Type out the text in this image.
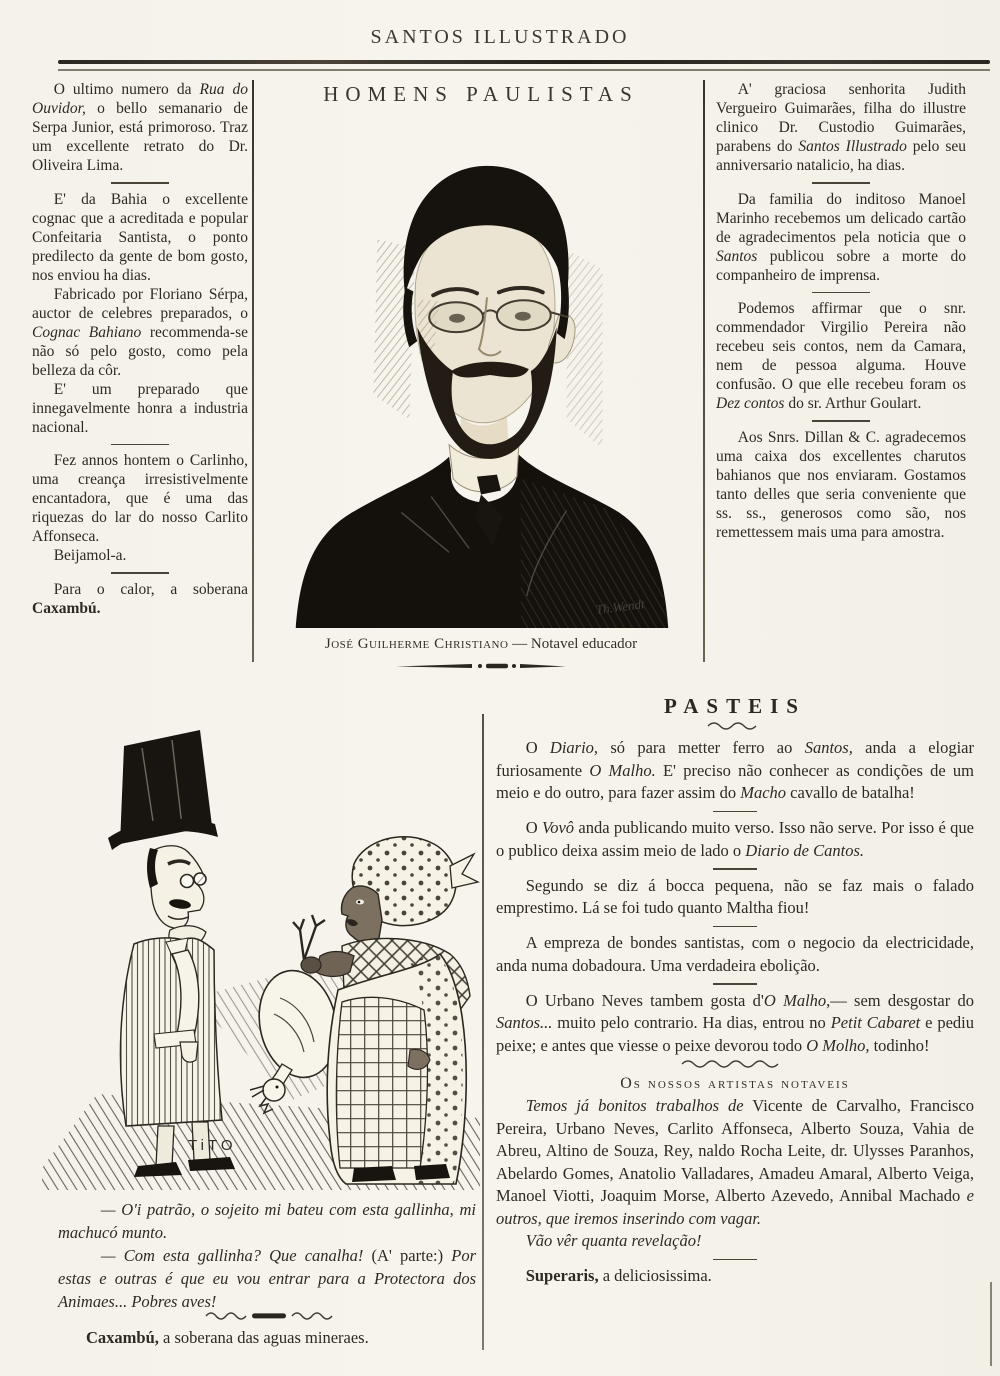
SANTOS ILLUSTRADO

O ultimo numero da Rua do Ouvidor, o bello semanario de Serpa Junior, está primoroso. Traz um excellente retrato do Dr. Oliveira Lima.

E' da Bahia o excellente cognac que a acreditada e popular Confeitaria Santista, o ponto predilecto da gente de bom gosto, nos enviou ha dias.

Fabricado por Floriano Sérpa, auctor de celebres preparados, o Cognac Bahiano recommenda-se não só pelo gosto, como pela belleza da côr.

E' um preparado que innegavelmente honra a industria nacional.

Fez annos hontem o Carlinho, uma creança irresistivelmente encantadora, que é uma das riquezas do lar do nosso Carlito Affonseca.

Beijamol-a.

Para o calor, a soberana Caxambú.

HOMENS PAULISTAS
Th.Wendt
José Guilherme Christiano — Notavel educador

A' graciosa senhorita Judith Vergueiro Guimarães, filha do illustre clinico Dr. Custodio Guimarães, parabens do Santos Illustrado pelo seu anniversario natalicio, ha dias.

Da familia do inditoso Manoel Marinho recebemos um delicado cartão de agradecimentos pela noticia que o Santos publicou sobre a morte do companheiro de imprensa.

Podemos affirmar que o snr. commendador Virgilio Pereira não recebeu seis contos, nem da Camara, nem de pessoa alguma. Houve confusão. O que elle recebeu foram os Dez contos do sr. Arthur Goulart.

Aos Snrs. Dillan & C. agradecemos uma caixa dos excellentes charutos bahianos que nos enviaram. Gostamos tanto delles que seria conveniente que ss. ss., generosos como são, nos remettessem mais uma para amostra.

TiTO

— O'i patrão, o sojeito mi bateu com esta gallinha, mi machucó munto.

— Com esta gallinha? Que canalha! (A' parte:) Por estas e outras é que eu vou entrar para a Protectora dos Animaes... Pobres aves!

Caxambú, a soberana das aguas mineraes.

PASTEIS

O Diario, só para metter ferro ao Santos, anda a elogiar furiosamente O Malho. E' preciso não conhecer as condições de um meio e do outro, para fazer assim do Macho cavallo de batalha!

O Vovô anda publicando muito verso. Isso não serve. Por isso é que o publico deixa assim meio de lado o Diario de Cantos.

Segundo se diz á bocca pequena, não se faz mais o falado emprestimo. Lá se foi tudo quanto Maltha fiou!

A empreza de bondes santistas, com o negocio da electricidade, anda numa dobadoura. Uma verdadeira ebolição.

O Urbano Neves tambem gosta d'O Malho,— sem desgostar do Santos... muito pelo contrario. Ha dias, entrou no Petit Cabaret e pediu peixe; e antes que viesse o peixe devorou todo O Molho, todinho!

Os nossos artistas notaveis

Temos já bonitos trabalhos de Vicente de Carvalho, Francisco Pereira, Urbano Neves, Carlito Affonseca, Alberto Souza, Vahia de Abreu, Altino de Souza, Rey, naldo Rocha Leite, dr. Ulysses Paranhos, Abelardo Gomes, Anatolio Valladares, Amadeu Amaral, Alberto Veiga, Manoel Viotti, Joaquim Morse, Alberto Azevedo, Annibal Machado e outros, que iremos inserindo com vagar.

Vão vêr quanta revelação!

Superaris, a deliciosissima.
